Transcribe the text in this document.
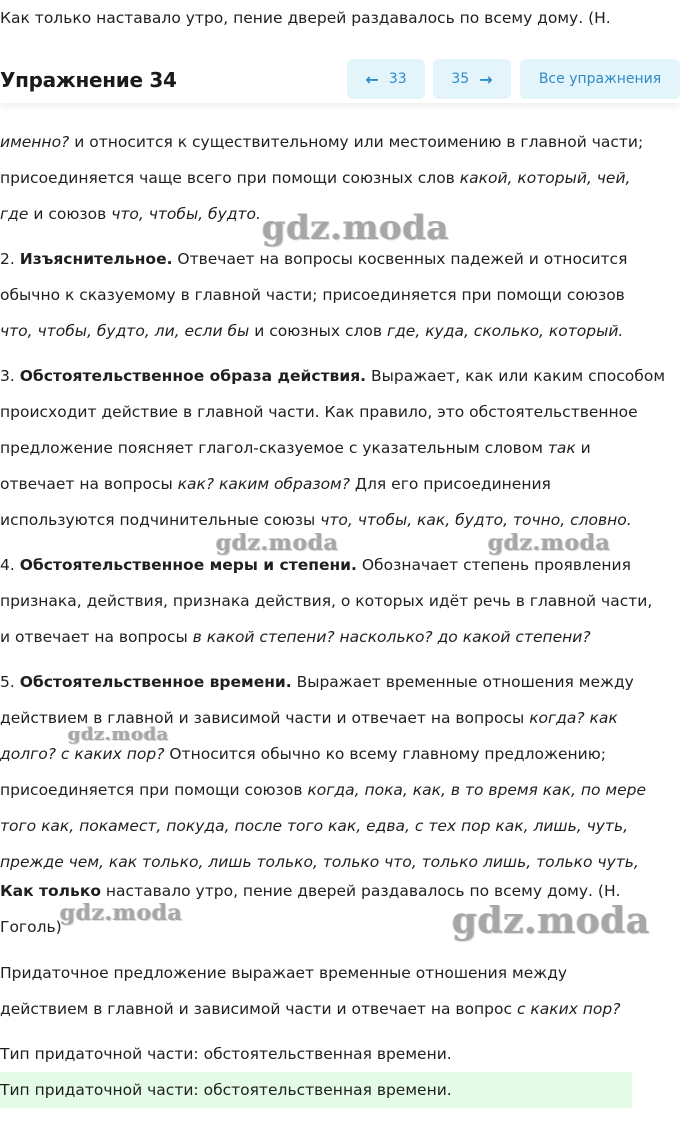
Как только наставало утро, пение дверей раздавалось по всему дому. (Н.
именно? и относится к существительному или местоимению в главной части;
присоединяется чаще всего при помощи союзных слов какой, который, чей,
где и союзов что, чтобы, будто.
2. Изъяснительное. Отвечает на вопросы косвенных падежей и относится
обычно к сказуемому в главной части; присоединяется при помощи союзов
что, чтобы, будто, ли, если бы и союзных слов где, куда, сколько, который.
3. Обстоятельственное образа действия. Выражает, как или каким способом
происходит действие в главной части. Как правило, это обстоятельственное
предложение поясняет глагол-сказуемое с указательным словом так и
отвечает на вопросы как? каким образом? Для его присоединения
используются подчинительные союзы что, чтобы, как, будто, точно, словно.
4. Обстоятельственное меры и степени. Обозначает степень проявления
признака, действия, признака действия, о которых идёт речь в главной части,
и отвечает на вопросы в какой степени? насколько? до какой степени?
5. Обстоятельственное времени. Выражает временные отношения между
действием в главной и зависимой части и отвечает на вопросы когда? как
долго? с каких пор? Относится обычно ко всему главному предложению;
присоединяется при помощи союзов когда, пока, как, в то время как, по мере
того как, покамест, покуда, после того как, едва, с тех пор как, лишь, чуть,
прежде чем, как только, лишь только, только что, только лишь, только чуть,
Как только наставало утро, пение дверей раздавалось по всему дому. (Н.
Гоголь)
Придаточное предложение выражает временные отношения между
действием в главной и зависимой части и отвечает на вопрос с каких пор?
Тип придаточной части: обстоятельственная времени.
Тип придаточной части: обстоятельственная времени.
gdz.moda
gdz.moda	gdz.moda
gdz.moda
gdz.moda	gdz.moda
Упражнение 34	← 33	35 →	Все упражнения
